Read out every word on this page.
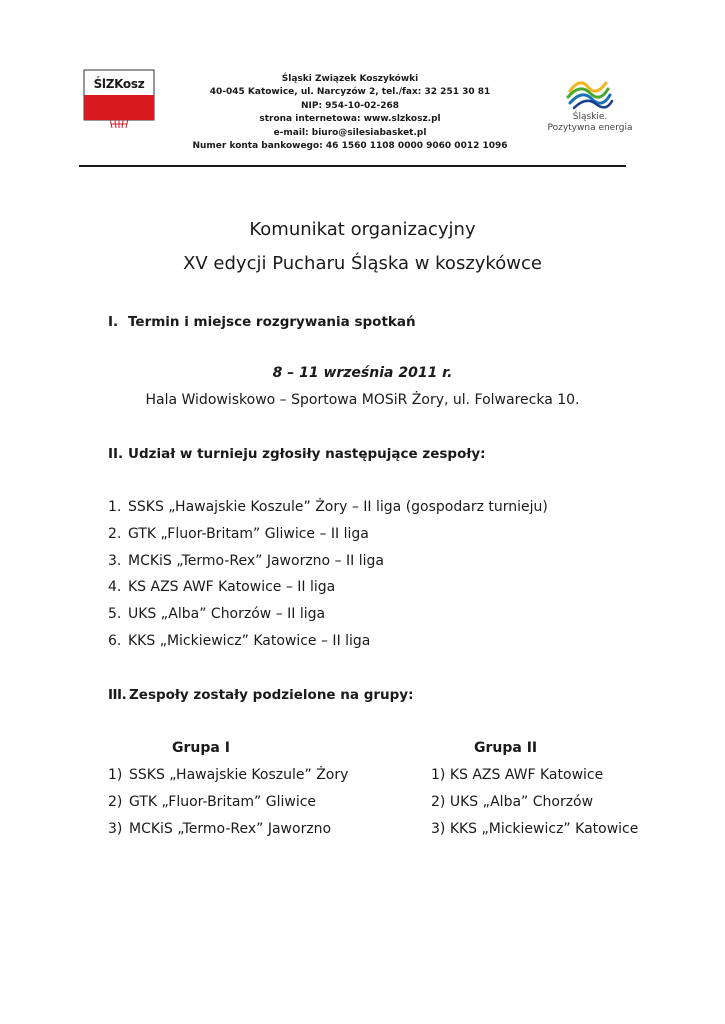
ŚlZKosz	Śląski Związek Koszykówki
40-045 Katowice, ul. Narcyzów 2, tel./fax: 32 251 30 81
NIP: 954-10-02-268
strona internetowa: www.slzkosz.pl
e-mail: biuro@silesiabasket.pl
Numer konta bankowego: 46 1560 1108 0000 9060 0012 1096
Śląskie.
Pozytywna energia
Komunikat organizacyjny
XV edycji Pucharu Śląska w koszykówce
I. Termin i miejsce rozgrywania spotkań
8 – 11 września 2011 r.
Hala Widowiskowo – Sportowa MOSiR Żory, ul. Folwarecka 10.
II. Udział w turnieju zgłosiły następujące zespoły:
1. SSKS „Hawajskie Koszule” Żory – II liga (gospodarz turnieju)
2. GTK „Fluor-Britam” Gliwice – II liga
3. MCKiS „Termo-Rex” Jaworzno – II liga
4. KS AZS AWF Katowice – II liga
5. UKS „Alba” Chorzów – II liga
6. KKS „Mickiewicz” Katowice – II liga
III. Zespoły zostały podzielone na grupy:
Grupa I	Grupa II
1) SSKS „Hawajskie Koszule” Żory
2) GTK „Fluor-Britam” Gliwice
3) MCKiS „Termo-Rex” Jaworzno
1) KS AZS AWF Katowice
2) UKS „Alba” Chorzów
3) KKS „Mickiewicz” Katowice
